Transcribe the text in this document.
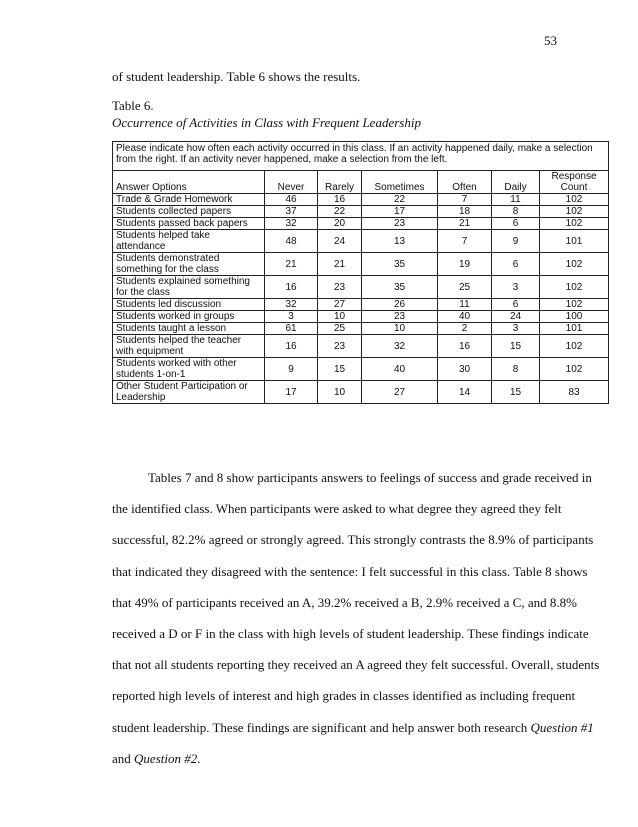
53
of student leadership. Table 6 shows the results.
Table 6.
Occurrence of Activities in Class with Frequent Leadership
Please indicate how often each activity occurred in this class. If an activity happened daily, make a selection from the right. If an activity never happened, make a selection from the left.						
Answer Options	Never	Rarely	Sometimes	Often	Daily	Response Count
Trade & Grade Homework	46	16	22	7	11	102
Students collected papers	37	22	17	18	8	102
Students passed back papers	32	20	23	21	6	102
Students helped take attendance	48	24	13	7	9	101
Students demonstrated something for the class	21	21	35	19	6	102
Students explained something for the class	16	23	35	25	3	102
Students led discussion	32	27	26	11	6	102
Students worked in groups	3	10	23	40	24	100
Students taught a lesson	61	25	10	2	3	101
Students helped the teacher with equipment	16	23	32	16	15	102
Students worked with other students 1-on-1	9	15	40	30	8	102
Other Student Participation or Leadership	17	10	27	14	15	83

Tables 7 and 8 show participants answers to feelings of success and grade received in the identified class. When participants were asked to what degree they agreed they felt successful, 82.2% agreed or strongly agreed. This strongly contrasts the 8.9% of participants that indicated they disagreed with the sentence: I felt successful in this class. Table 8 shows that 49% of participants received an A, 39.2% received a B, 2.9% received a C, and 8.8% received a D or F in the class with high levels of student leadership. These findings indicate that not all students reporting they received an A agreed they felt successful. Overall, students reported high levels of interest and high grades in classes identified as including frequent student leadership. These findings are significant and help answer both research Question #1 and Question #2.
